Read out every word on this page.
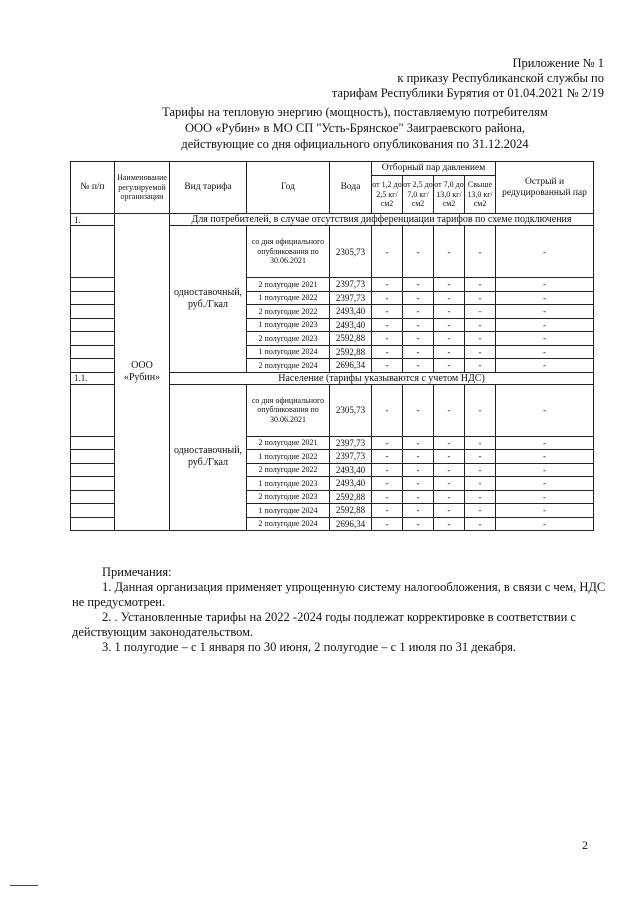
Приложение № 1
к приказу Республиканской службы по
тарифам Республики Бурятия от 01.04.2021 № 2/19
Тарифы на тепловую энергию (мощность), поставляемую потребителям
ООО «Рубин» в МО СП "Усть-Брянское" Заиграевского района,
действующие со дня официального опубликования по 31.12.2024
№ п/п	Наименование регулируемой организации	Вид тарифа	Год	Вода	Отборный пар давлением				Острый и редуцированный пар
					от 1,2 до 2,5 кг/см2	от 2,5 до 7,0 кг/см2	от 7,0 до 13,0 кг/см2	Свыше 13,0 кг/см2	
1.	ООО «Рубин»	Для потребителей, в случае отсутствия дифференциации тарифов по схеме подключения							
		одноставочный, руб./Гкал	со дня официального опубликования по 30.06.2021	2305,73	-	-	-	-	-
			2 полугодие 2021	2397,73	-	-	-	-	-
			1 полугодие 2022	2397,73	-	-	-	-	-
			2 полугодие 2022	2493,40	-	-	-	-	-
			1 полугодие 2023	2493,40	-	-	-	-	-
			2 полугодие 2023	2592,88	-	-	-	-	-
			1 полугодие 2024	2592,88	-	-	-	-	-
			2 полугодие 2024	2696,34	-	-	-	-	-
1.1.		Население (тарифы указываются с учетом НДС)							
		одноставочный, руб./Гкал	со дня официального опубликования по 30.06.2021	2305,73	-	-	-	-	-
			2 полугодие 2021	2397,73	-	-	-	-	-
			1 полугодие 2022	2397,73	-	-	-	-	-
			2 полугодие 2022	2493,40	-	-	-	-	-
			1 полугодие 2023	2493,40	-	-	-	-	-
			2 полугодие 2023	2592,88	-	-	-	-	-
			1 полугодие 2024	2592,88	-	-	-	-	-
			2 полугодие 2024	2696,34	-	-	-	-	-

Примечания:

1. Данная организация применяет упрощенную систему налогообложения, в связи с чем, НДС не предусмотрен.

2. . Установленные тарифы на 2022 -2024 годы подлежат корректировке в соответствии с действующим законодательством.

3. 1 полугодие – с 1 января по 30 июня, 2 полугодие – с 1 июля по 31 декабря.

2
